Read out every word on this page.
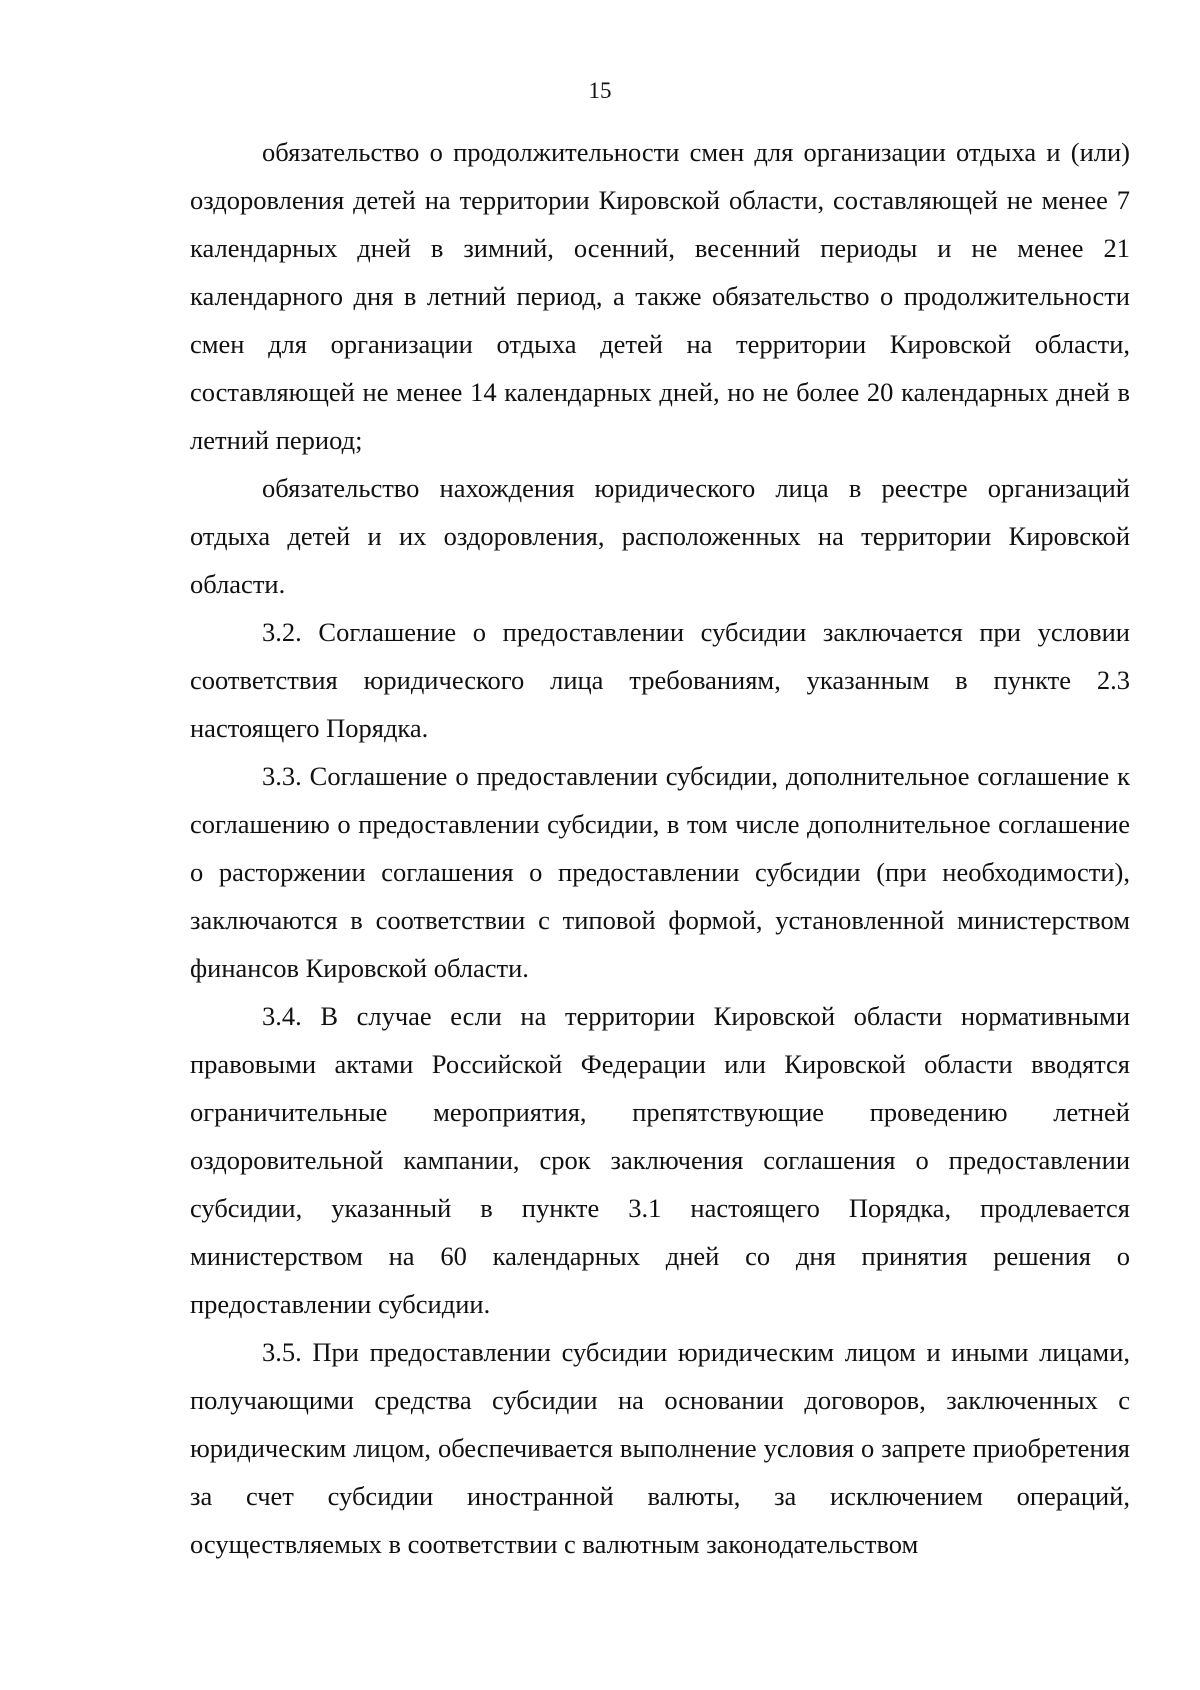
15

обязательство о продолжительности смен для организации отдыха и (или) оздоровления детей на территории Кировской области, составляющей не менее 7 календарных дней в зимний, осенний, весенний периоды и не менее 21 календарного дня в летний период, а также обязательство о продолжительности смен для организации отдыха детей на территории Кировской области, составляющей не менее 14 календарных дней, но не более 20 календарных дней в летний период;

обязательство нахождения юридического лица в реестре организаций отдыха детей и их оздоровления, расположенных на территории Кировской области.

3.2. Соглашение о предоставлении субсидии заключается при условии соответствия юридического лица требованиям, указанным в пункте 2.3 настоящего Порядка.

3.3. Соглашение о предоставлении субсидии, дополнительное соглашение к соглашению о предоставлении субсидии, в том числе дополнительное соглашение о расторжении соглашения о предоставлении субсидии (при необходимости), заключаются в соответствии с типовой формой, установленной министерством финансов Кировской области.

3.4. В случае если на территории Кировской области нормативными правовыми актами Российской Федерации или Кировской области вводятся ограничительные мероприятия, препятствующие проведению летней оздоровительной кампании, срок заключения соглашения о предоставлении субсидии, указанный в пункте 3.1 настоящего Порядка, продлевается министерством на 60 календарных дней со дня принятия решения о предоставлении субсидии.

3.5. При предоставлении субсидии юридическим лицом и иными лицами, получающими средства субсидии на основании договоров, заключенных с юридическим лицом, обеспечивается выполнение условия о запрете приобретения за счет субсидии иностранной валюты, за исключением операций, осуществляемых в соответствии с валютным законодательством
